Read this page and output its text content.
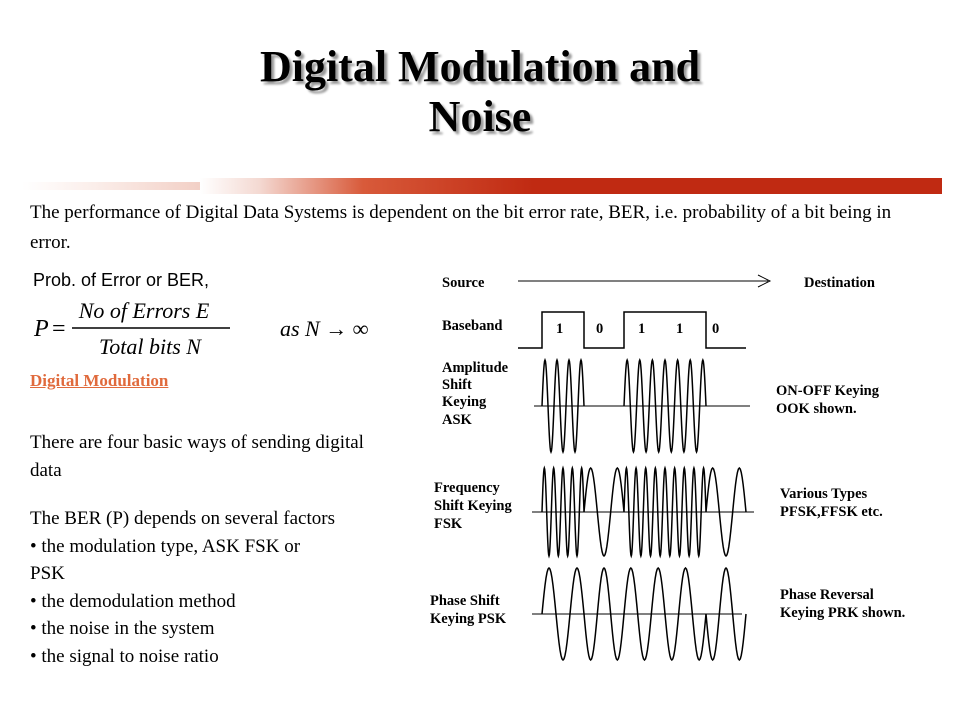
Digital Modulation and
Noise
The performance of Digital Data Systems is dependent on the bit error rate, BER, i.e. probability of a bit being in error.
Prob. of Error or BER,
P =
No of Errors E
Total bits N
as N → ∞
Digital Modulation
There are four basic ways of sending digital data
The BER (P) depends on several factors
• the modulation type, ASK FSK or
PSK
• the demodulation method
• the noise in the system
• the signal to noise ratio
Source	Destination
Baseband	1 0 1 1 0
Amplitude
Shift
Keying
ASK
ON-OFF Keying
OOK shown.
Frequency
Shift Keying
FSK
Various Types
PFSK,FFSK etc.
Phase Shift
Keying PSK
Phase Reversal
Keying PRK shown.
